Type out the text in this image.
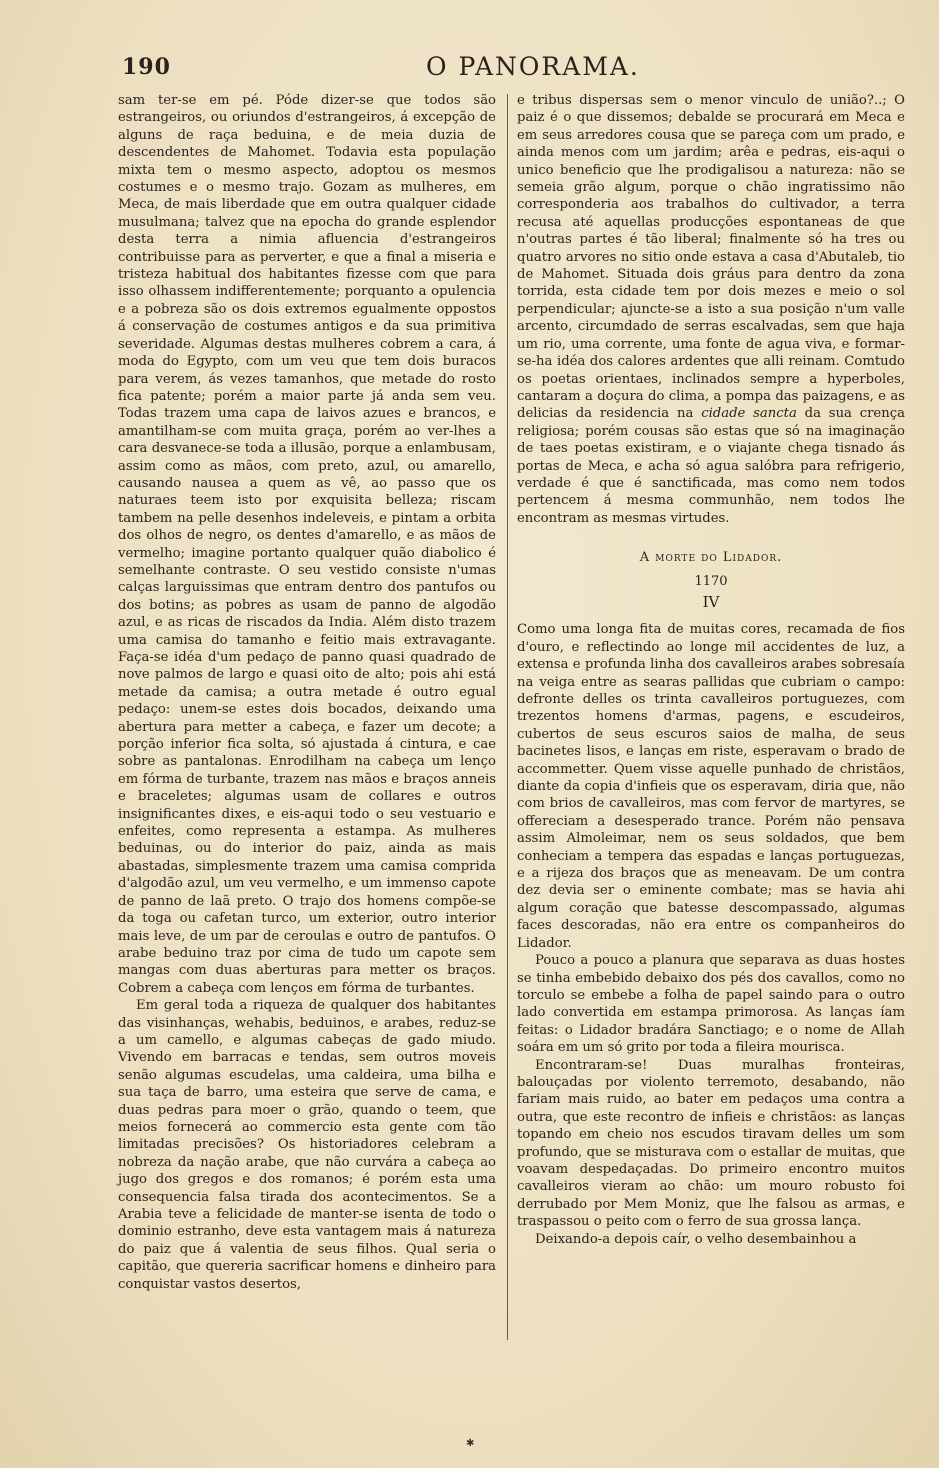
190	O PANORAMA.

sam ter-se em pé. Póde dizer-se que todos são estrangeiros, ou oriundos d'estrangeiros, á excepção de alguns de raça beduina, e de meia duzia de descendentes de Mahomet. Todavia esta população mixta tem o mesmo aspecto, adoptou os mesmos costumes e o mesmo trajo. Gozam as mulheres, em Meca, de mais liberdade que em outra qualquer cidade musulmana; talvez que na epocha do grande esplendor desta terra a nimia afluencia d'estrangeiros contribuisse para as perverter, e que a final a miseria e tristeza habitual dos habitantes fizesse com que para isso olhassem indifferentemente; porquanto a opulencia e a pobreza são os dois extremos egualmente oppostos á conservação de costumes antigos e da sua primitiva severidade. Algumas destas mulheres cobrem a cara, á moda do Egypto, com um veu que tem dois buracos para verem, ás vezes tamanhos, que metade do rosto fica patente; porém a maior parte já anda sem veu. Todas trazem uma capa de laivos azues e brancos, e amantilham-se com muita graça, porém ao ver-lhes a cara desvanece-se toda a illusão, porque a enlambusam, assim como as mãos, com preto, azul, ou amarello, causando nausea a quem as vê, ao passo que os naturaes teem isto por exquisita belleza; riscam tambem na pelle desenhos indeleveis, e pintam a orbita dos olhos de negro, os dentes d'amarello, e as mãos de vermelho; imagine portanto qualquer quão diabolico é semelhante contraste. O seu vestido consiste n'umas calças larguissimas que entram dentro dos pantufos ou dos botins; as pobres as usam de panno de algodão azul, e as ricas de riscados da India. Além disto trazem uma camisa do tamanho e feitio mais extravagante. Faça-se idéa d'um pedaço de panno quasi quadrado de nove palmos de largo e quasi oito de alto; pois ahi está metade da camisa; a outra metade é outro egual pedaço: unem-se estes dois bocados, deixando uma abertura para metter a cabeça, e fazer um decote; a porção inferior fica solta, só ajustada á cintura, e cae sobre as pantalonas. Enrodilham na cabeça um lenço em fórma de turbante, trazem nas mãos e braços anneis e braceletes; algumas usam de collares e outros insignificantes dixes, e eis-aqui todo o seu vestuario e enfeites, como representa a estampa. As mulheres beduinas, ou do interior do paiz, ainda as mais abastadas, simplesmente trazem uma camisa comprida d'algodão azul, um veu vermelho, e um immenso capote de panno de laã preto. O trajo dos homens compõe-se da toga ou cafetan turco, um exterior, outro interior mais leve, de um par de ceroulas e outro de pantufos. O arabe beduino traz por cima de tudo um capote sem mangas com duas aberturas para metter os braços. Cobrem a cabeça com lenços em fórma de turbantes.

Em geral toda a riqueza de qualquer dos habitantes das visinhanças, wehabis, beduinos, e arabes, reduz-se a um camello, e algumas cabeças de gado miudo. Vivendo em barracas e tendas, sem outros moveis senão algumas escudelas, uma caldeira, uma bilha e sua taça de barro, uma esteira que serve de cama, e duas pedras para moer o grão, quando o teem, que meios fornecerá ao commercio esta gente com tão limitadas precisões? Os historiadores celebram a nobreza da nação arabe, que não curvára a cabeça ao jugo dos gregos e dos romanos; é porém esta uma consequencia falsa tirada dos acontecimentos. Se a Arabia teve a felicidade de manter-se isenta de todo o dominio estranho, deve esta vantagem mais á natureza do paiz que á valentia de seus filhos. Qual seria o capitão, que quereria sacrificar homens e dinheiro para conquistar vastos desertos,

e tribus dispersas sem o menor vinculo de união?..; O paiz é o que dissemos; debalde se procurará em Meca e em seus arredores cousa que se pareça com um prado, e ainda menos com um jardim; arêa e pedras, eis-aqui o unico beneficio que lhe prodigalisou a natureza: não se semeia grão algum, porque o chão ingratissimo não corresponderia aos trabalhos do cultivador, a terra recusa até aquellas producções espontaneas de que n'outras partes é tão liberal; finalmente só ha tres ou quatro arvores no sitio onde estava a casa d'Abutaleb, tio de Mahomet. Situada dois gráus para dentro da zona torrida, esta cidade tem por dois mezes e meio o sol perpendicular; ajuncte-se a isto a sua posição n'um valle arcento, circumdado de serras escalvadas, sem que haja um rio, uma corrente, uma fonte de agua viva, e formar-se-ha idéa dos calores ardentes que alli reinam. Comtudo os poetas orientaes, inclinados sempre a hyperboles, cantaram a doçura do clima, a pompa das paizagens, e as delicias da residencia na cidade sancta da sua crença religiosa; porém cousas são estas que só na imaginação de taes poetas existiram, e o viajante chega tisnado ás portas de Meca, e acha só agua salóbra para refrigerio, verdade é que é sanctificada, mas como nem todos pertencem á mesma communhão, nem todos lhe encontram as mesmas virtudes.

A morte do Lidador.
1170
IV

Como uma longa fita de muitas cores, recamada de fios d'ouro, e reflectindo ao longe mil accidentes de luz, a extensa e profunda linha dos cavalleiros arabes sobresaía na veiga entre as searas pallidas que cubriam o campo: defronte delles os trinta cavalleiros portuguezes, com trezentos homens d'armas, pagens, e escudeiros, cubertos de seus escuros saios de malha, de seus bacinetes lisos, e lanças em riste, esperavam o brado de accommetter. Quem visse aquelle punhado de christãos, diante da copia d'infieis que os esperavam, diria que, não com brios de cavalleiros, mas com fervor de martyres, se offereciam a desesperado trance. Porém não pensava assim Almoleimar, nem os seus soldados, que bem conheciam a tempera das espadas e lanças portuguezas, e a rijeza dos braços que as meneavam. De um contra dez devia ser o eminente combate; mas se havia ahi algum coração que batesse descompassado, algumas faces descoradas, não era entre os companheiros do Lidador.

Pouco a pouco a planura que separava as duas hostes se tinha embebido debaixo dos pés dos cavallos, como no torculo se embebe a folha de papel saindo para o outro lado convertida em estampa primorosa. As lanças íam feitas: o Lidador bradára Sanctiago; e o nome de Allah soára em um só grito por toda a fileira mourisca.

Encontraram-se! Duas muralhas fronteiras, balouçadas por violento terremoto, desabando, não fariam mais ruido, ao bater em pedaços uma contra a outra, que este recontro de infieis e christãos: as lanças topando em cheio nos escudos tiravam delles um som profundo, que se misturava com o estallar de muitas, que voavam despedaçadas. Do primeiro encontro muitos cavalleiros vieram ao chão: um mouro robusto foi derrubado por Mem Moniz, que lhe falsou as armas, e traspassou o peito com o ferro de sua grossa lança.

Deixando-a depois caír, o velho desembainhou a

✱
